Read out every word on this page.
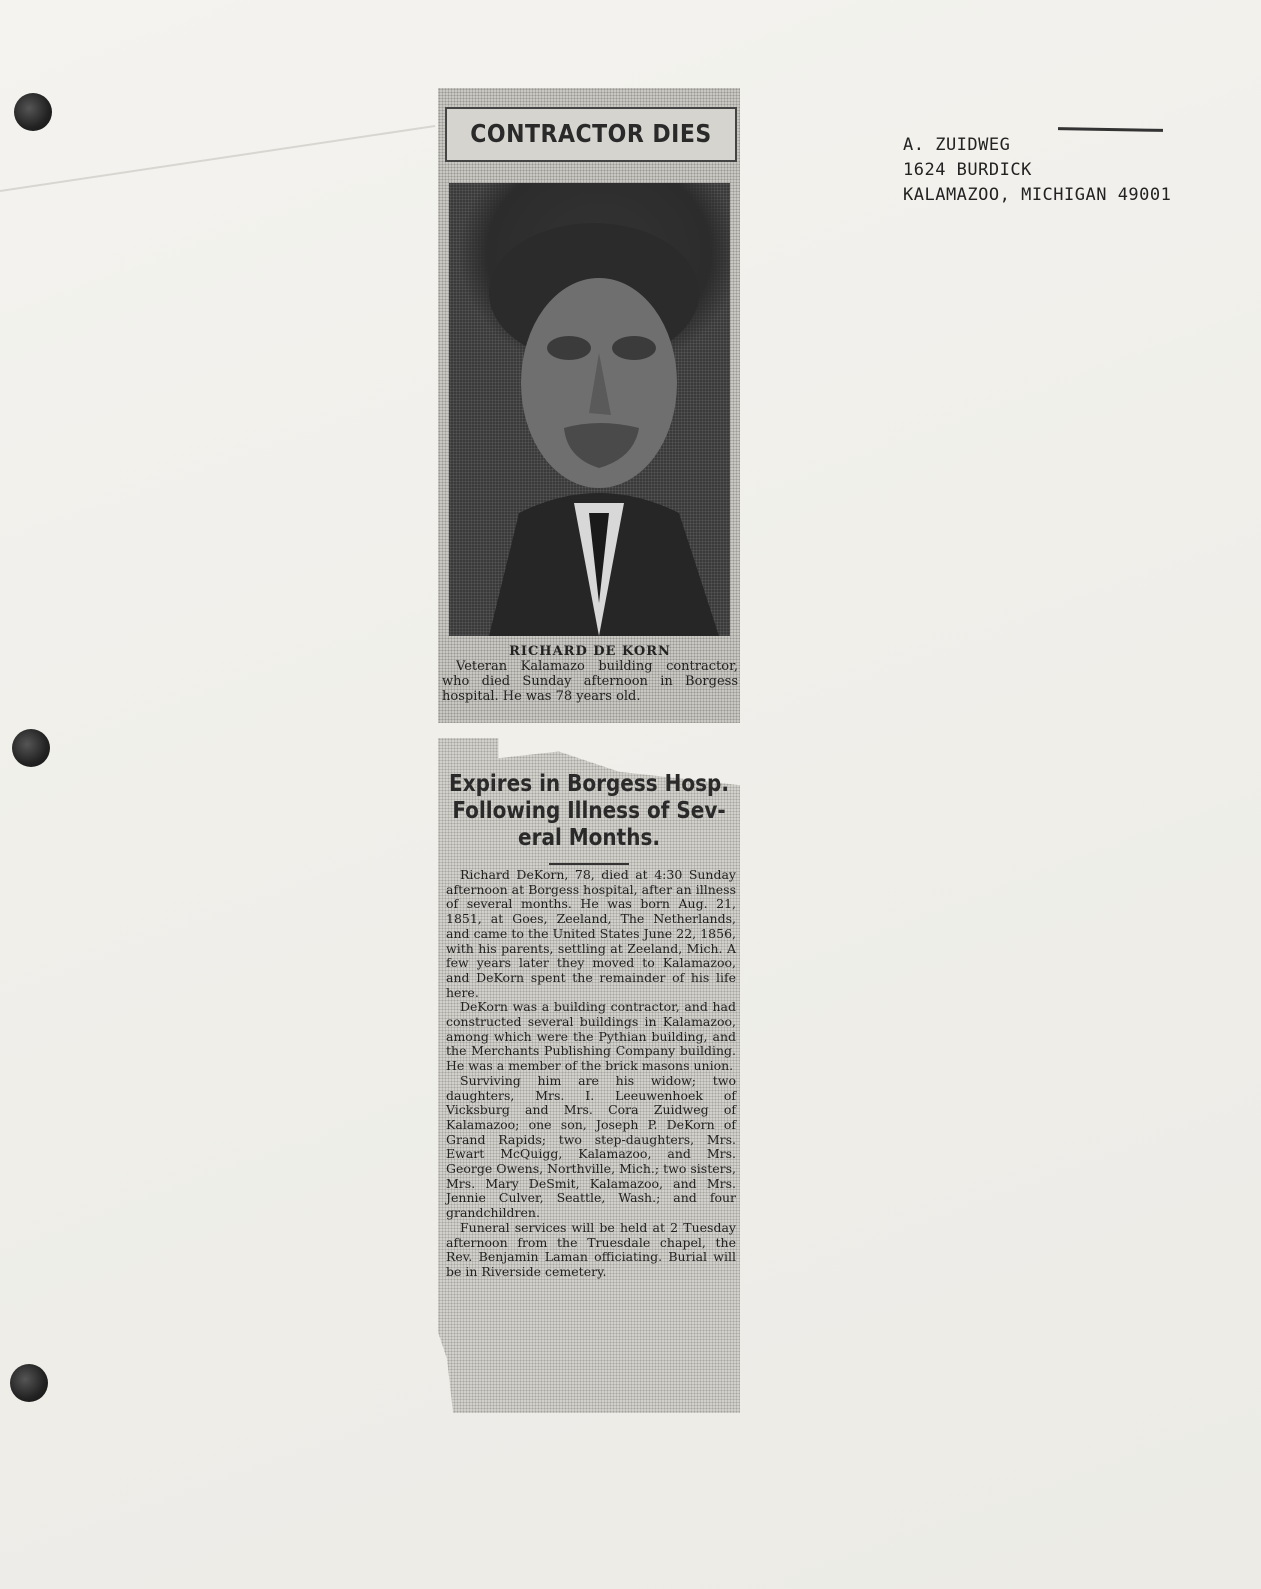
A. ZUIDWEG
1624 BURDICK
KALAMAZOO, MICHIGAN 49001
CONTRACTOR DIES
RICHARD DE KORN
Veteran Kalamazo building contractor, who died Sunday afternoon in Borgess hospital. He was 78 years old.
Expires in Borgess Hosp.
Following Illness of Sev-
eral Months.

Richard DeKorn, 78, died at 4:30 Sunday afternoon at Borgess hospital, after an illness of several months. He was born Aug. 21, 1851, at Goes, Zeeland, The Netherlands, and came to the United States June 22, 1856, with his parents, settling at Zeeland, Mich. A few years later they moved to Kalamazoo, and DeKorn spent the remainder of his life here.

DeKorn was a building contractor, and had constructed several buildings in Kalamazoo, among which were the Pythian building, and the Merchants Publishing Company building. He was a member of the brick masons union.

Surviving him are his widow; two daughters, Mrs. I. Leeuwenhoek of Vicksburg and Mrs. Cora Zuidweg of Kalamazoo; one son, Joseph P. DeKorn of Grand Rapids; two step-daughters, Mrs. Ewart McQuigg, Kalamazoo, and Mrs. George Owens, Northville, Mich.; two sisters, Mrs. Mary DeSmit, Kalamazoo, and Mrs. Jennie Culver, Seattle, Wash.; and four grandchildren.

Funeral services will be held at 2 Tuesday afternoon from the Truesdale chapel, the Rev. Benjamin Laman officiating. Burial will be in Riverside cemetery.
